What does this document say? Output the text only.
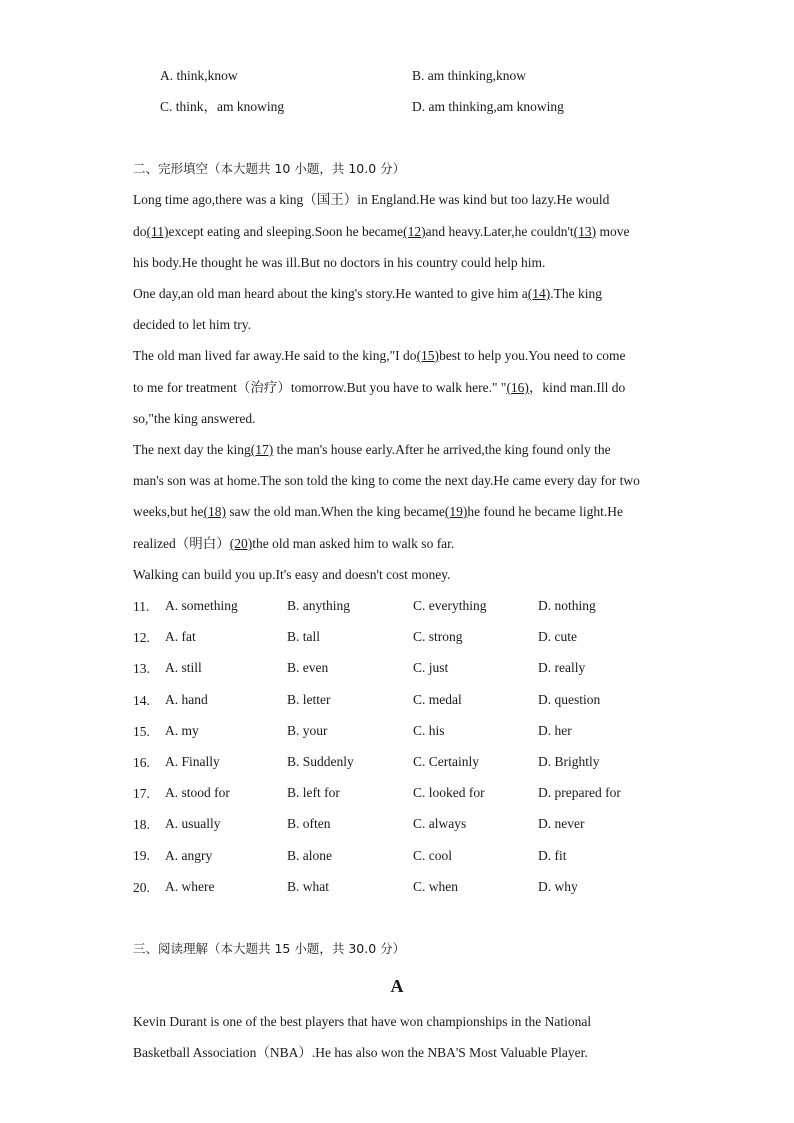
A. think,know	B. am thinking,know
C. think，am knowing	D. am thinking,am knowing
二、完形填空（本大题共 10 小题，共 10.0 分）
Long time ago,there was a king（国王）in England.He was kind but too lazy.He would
do(11)except eating and sleeping.Soon he became(12)and heavy.Later,he couldn't(13) move
his body.He thought he was ill.But no doctors in his country could help him.
One day,an old man heard about the king's story.He wanted to give him a(14).The king
decided to let him try.
The old man lived far away.He said to the king,"I do(15)best to help you.You need to come
to me for treatment（治疗）tomorrow.But you have to walk here." "(16)，kind man.Ill do
so,"the king answered.
The next day the king(17) the man's house early.After he arrived,the king found only the
man's son was at home.The son told the king to come the next day.He came every day for two
weeks,but he(18) saw the old man.When the king became(19)he found he became light.He
realized（明白）(20)the old man asked him to walk so far.
Walking can build you up.It's easy and doesn't cost money.
11. A. something	B. anything	C. everything	D. nothing
12. A. fat	B. tall	C. strong	D. cute
13. A. still	B. even	C. just	D. really
14. A. hand	B. letter	C. medal	D. question
15. A. my	B. your	C. his	D. her
16. A. Finally	B. Suddenly	C. Certainly	D. Brightly
17. A. stood for	B. left for	C. looked for	D. prepared for
18. A. usually	B. often	C. always	D. never
19. A. angry	B. alone	C. cool	D. fit
20. A. where	B. what	C. when	D. why
三、阅读理解（本大题共 15 小题，共 30.0 分）
A
Kevin Durant is one of the best players that have won championships in the National
Basketball Association（NBA）.He has also won the NBA'S Most Valuable Player.
